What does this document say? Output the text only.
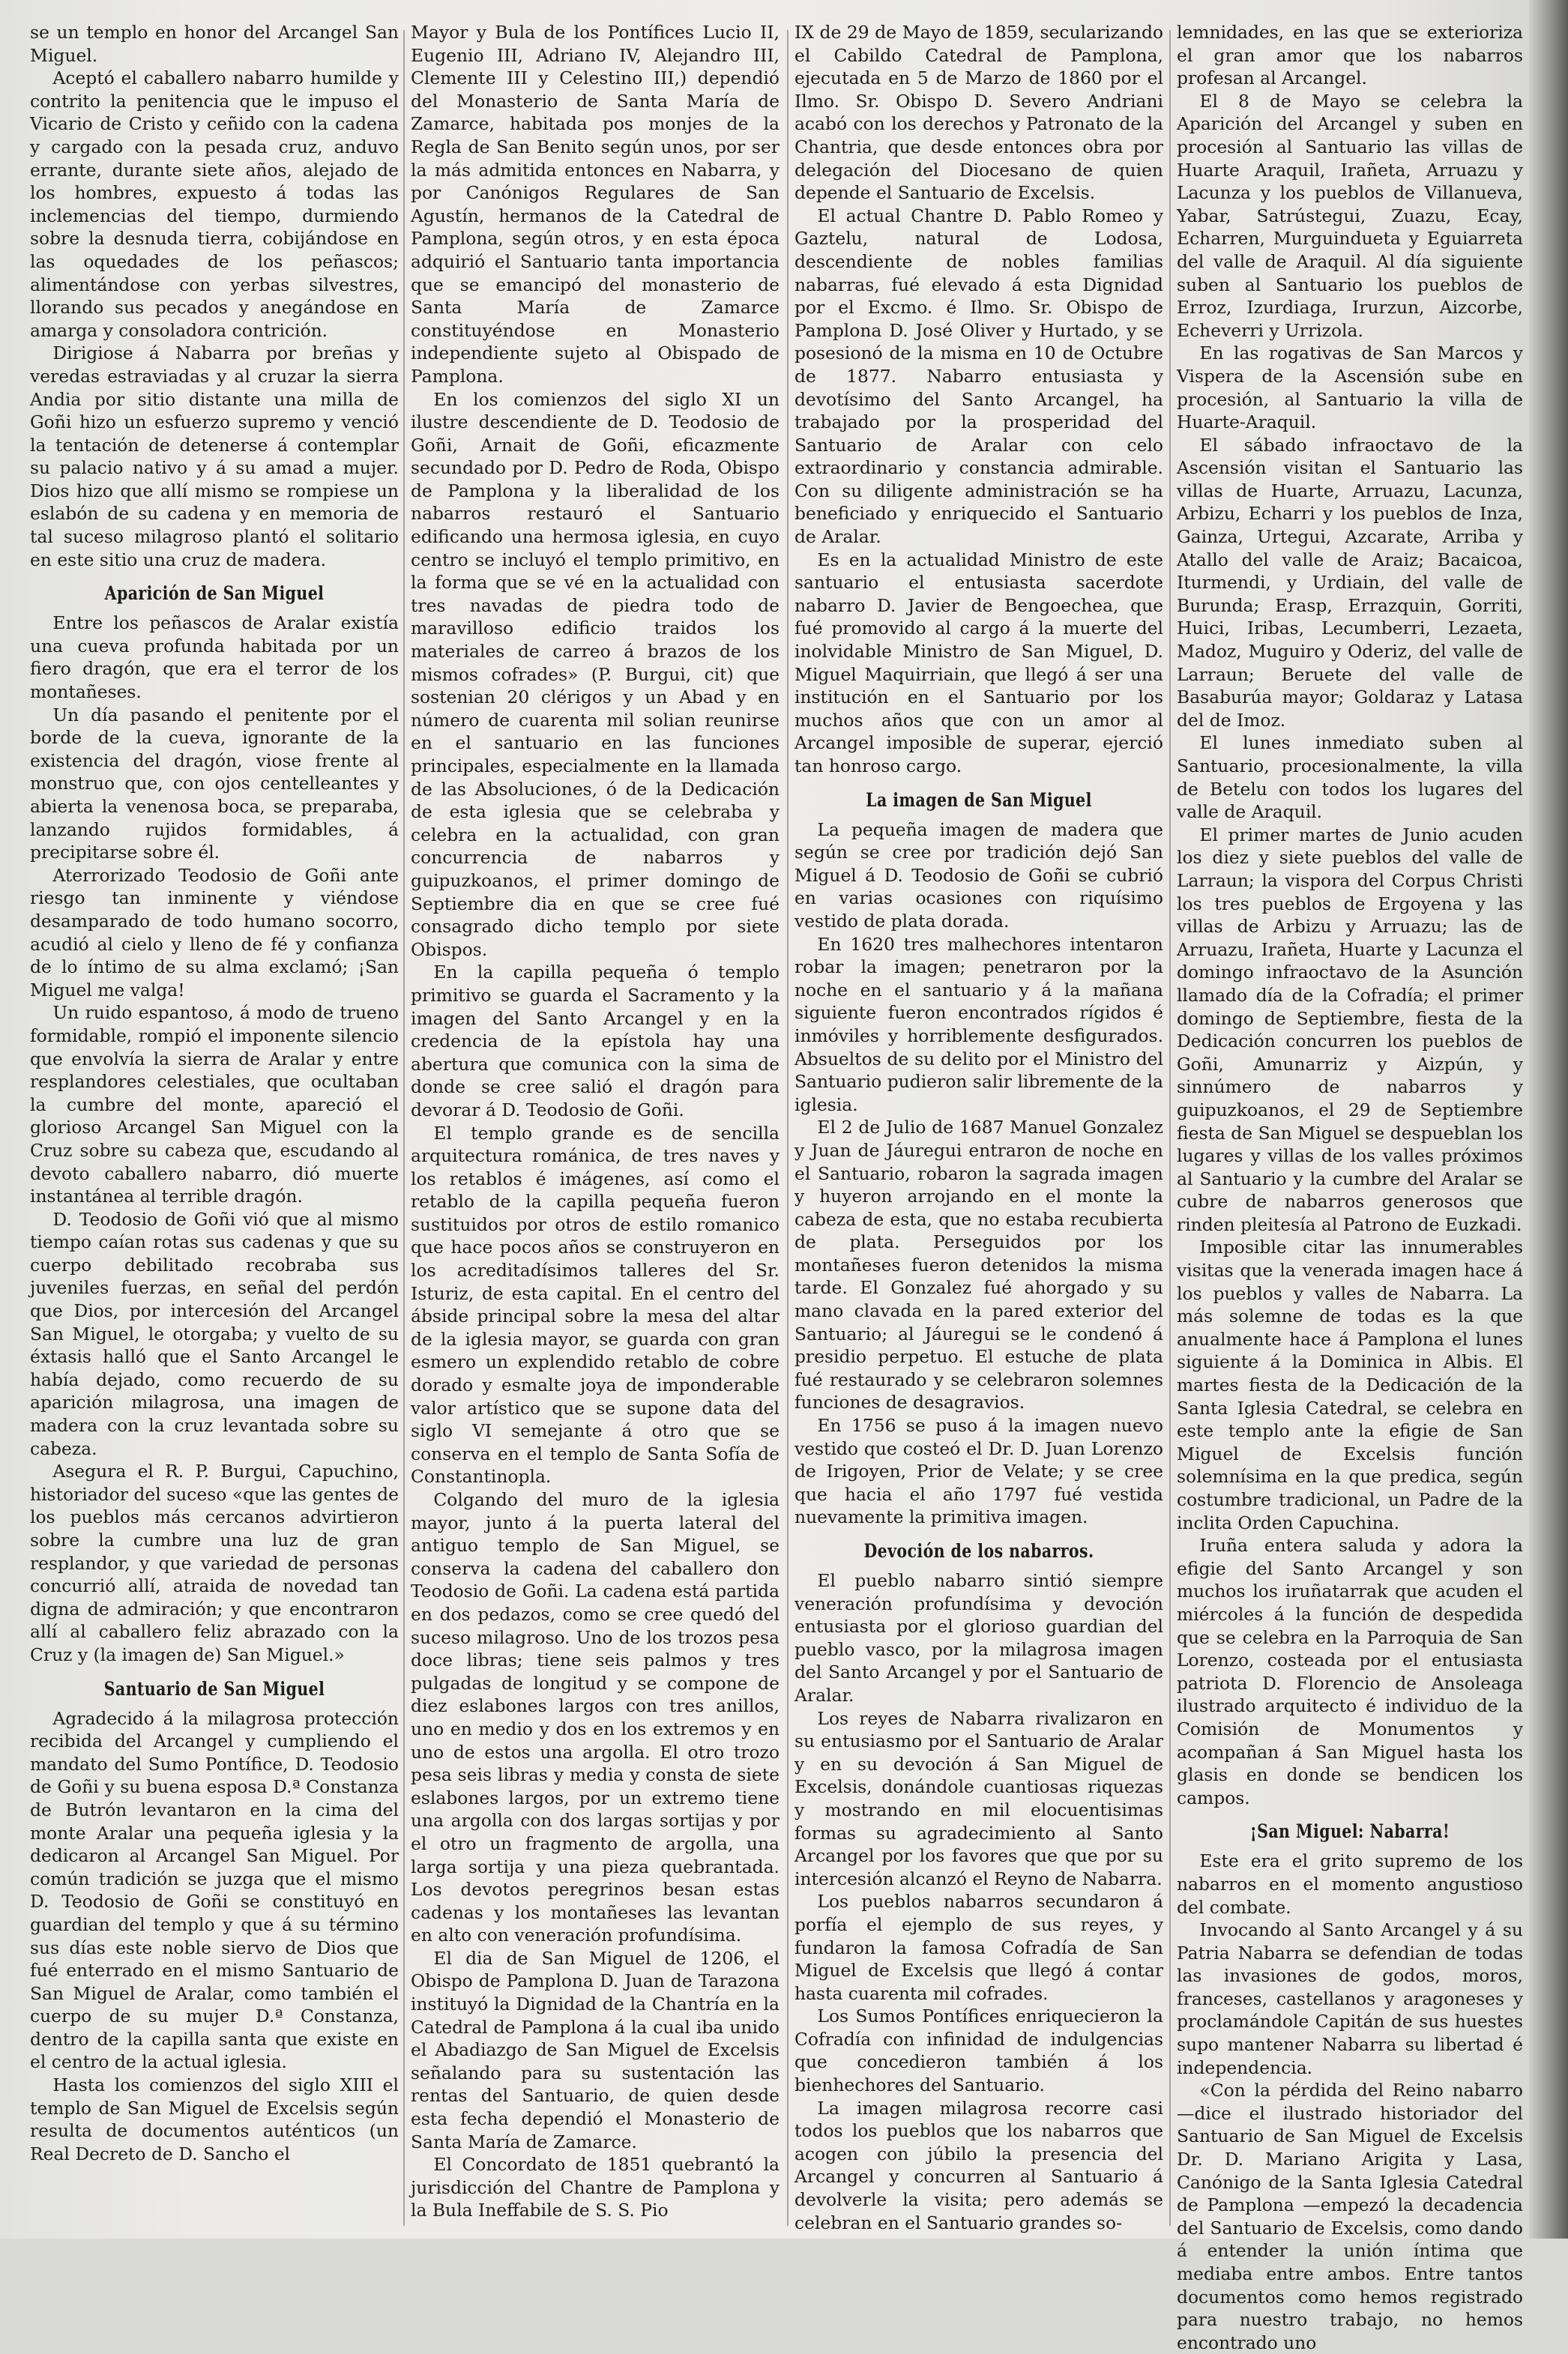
se un templo en honor del Arcangel San Miguel.

Aceptó el caballero nabarro humilde y contrito la penitencia que le impuso el Vicario de Cristo y ceñido con la cadena y cargado con la pesada cruz, anduvo errante, durante siete años, alejado de los hombres, expuesto á todas las inclemencias del tiempo, durmiendo sobre la desnuda tierra, cobijándose en las oquedades de los peñascos; alimentándose con yerbas silvestres, llorando sus pecados y anegándose en amarga y consoladora contrición.

Dirigiose á Nabarra por breñas y veredas estraviadas y al cruzar la sierra Andia por sitio distante una milla de Goñi hizo un esfuerzo supremo y venció la tentación de detenerse á contemplar su palacio nativo y á su amad a mujer. Dios hizo que allí mismo se rompiese un eslabón de su cadena y en memoria de tal suceso milagroso plantó el solitario en este sitio una cruz de madera.

Aparición de San Miguel

Entre los peñascos de Aralar existía una cueva profunda habitada por un fiero dragón, que era el terror de los montañeses.

Un día pasando el penitente por el borde de la cueva, ignorante de la existencia del dragón, viose frente al monstruo que, con ojos centelleantes y abierta la venenosa boca, se preparaba, lanzando rujidos formidables, á precipitarse sobre él.

Aterrorizado Teodosio de Goñi ante riesgo tan inminente y viéndose desamparado de todo humano socorro, acudió al cielo y lleno de fé y confianza de lo íntimo de su alma exclamó; ¡San Miguel me valga!

Un ruido espantoso, á modo de trueno formidable, rompió el imponente silencio que envolvía la sierra de Aralar y entre resplandores celestiales, que ocultaban la cumbre del monte, apareció el glorioso Arcangel San Miguel con la Cruz sobre su cabeza que, escudando al devoto caballero nabarro, dió muerte instantánea al terrible dragón.

D. Teodosio de Goñi vió que al mismo tiempo caían rotas sus cadenas y que su cuerpo debilitado recobraba sus juveniles fuerzas, en señal del perdón que Dios, por intercesión del Arcangel San Miguel, le otorgaba; y vuelto de su éxtasis halló que el Santo Arcangel le había dejado, como recuerdo de su aparición milagrosa, una imagen de madera con la cruz levantada sobre su cabeza.

Asegura el R. P. Burgui, Capuchino, historiador del suceso «que las gentes de los pueblos más cercanos advirtieron sobre la cumbre una luz de gran resplandor, y que variedad de personas concurrió allí, atraida de novedad tan digna de admiración; y que encontraron allí al caballero feliz abrazado con la Cruz y (la imagen de) San Miguel.»

Santuario de San Miguel

Agradecido á la milagrosa protección recibida del Arcangel y cumpliendo el mandato del Sumo Pontífice, D. Teodosio de Goñi y su buena esposa D.ª Constanza de Butrón levantaron en la cima del monte Aralar una pequeña iglesia y la dedicaron al Arcangel San Miguel. Por común tradición se juzga que el mismo D. Teodosio de Goñi se constituyó en guardian del templo y que á su término sus días este noble siervo de Dios que fué enterrado en el mismo Santuario de San Miguel de Aralar, como también el cuerpo de su mujer D.ª Constanza, dentro de la capilla santa que existe en el centro de la actual iglesia.

Hasta los comienzos del siglo XIII el templo de San Miguel de Excelsis según resulta de documentos auténticos (un Real Decreto de D. Sancho el

Mayor y Bula de los Pontífices Lucio II, Eugenio III, Adriano IV, Alejandro III, Clemente III y Celestino III,) dependió del Monasterio de Santa María de Zamarce, habitada pos monjes de la Regla de San Benito según unos, por ser la más admitida entonces en Nabarra, y por Canónigos Regulares de San Agustín, hermanos de la Catedral de Pamplona, según otros, y en esta época adquirió el Santuario tanta importancia que se emancipó del monasterio de Santa María de Zamarce constituyéndose en Monasterio independiente sujeto al Obispado de Pamplona.

En los comienzos del siglo XI un ilustre descendiente de D. Teodosio de Goñi, Arnait de Goñi, eficazmente secundado por D. Pedro de Roda, Obispo de Pamplona y la liberalidad de los nabarros restauró el Santuario edificando una hermosa iglesia, en cuyo centro se incluyó el templo primitivo, en la forma que se vé en la actualidad con tres navadas de piedra todo de maravilloso edificio traidos los materiales de carreo á brazos de los mismos cofrades» (P. Burgui, cit) que sostenian 20 clérigos y un Abad y en número de cuarenta mil solian reunirse en el santuario en las funciones principales, especialmente en la llamada de las Absoluciones, ó de la Dedicación de esta iglesia que se celebraba y celebra en la actualidad, con gran concurrencia de nabarros y guipuzkoanos, el primer domingo de Septiembre dia en que se cree fué consagrado dicho templo por siete Obispos.

En la capilla pequeña ó templo primitivo se guarda el Sacramento y la imagen del Santo Arcangel y en la credencia de la epístola hay una abertura que comunica con la sima de donde se cree salió el dragón para devorar á D. Teodosio de Goñi.

El templo grande es de sencilla arquitectura románica, de tres naves y los retablos é imágenes, así como el retablo de la capilla pequeña fueron sustituidos por otros de estilo romanico que hace pocos años se construyeron en los acreditadísimos talleres del Sr. Isturiz, de esta capital. En el centro del ábside principal sobre la mesa del altar de la iglesia mayor, se guarda con gran esmero un explendido retablo de cobre dorado y esmalte joya de imponderable valor artístico que se supone data del siglo VI semejante á otro que se conserva en el templo de Santa Sofía de Constantinopla.

Colgando del muro de la iglesia mayor, junto á la puerta lateral del antiguo templo de San Miguel, se conserva la cadena del caballero don Teodosio de Goñi. La cadena está partida en dos pedazos, como se cree quedó del suceso milagroso. Uno de los trozos pesa doce libras; tiene seis palmos y tres pulgadas de longitud y se compone de diez eslabones largos con tres anillos, uno en medio y dos en los extremos y en uno de estos una argolla. El otro trozo pesa seis libras y media y consta de siete eslabones largos, por un extremo tiene una argolla con dos largas sortijas y por el otro un fragmento de argolla, una larga sortija y una pieza quebrantada. Los devotos peregrinos besan estas cadenas y los montañeses las levantan en alto con veneración profundísima.

El dia de San Miguel de 1206, el Obispo de Pamplona D. Juan de Tarazona instituyó la Dignidad de la Chantría en la Catedral de Pamplona á la cual iba unido el Abadiazgo de San Miguel de Excelsis señalando para su sustentación las rentas del Santuario, de quien desde esta fecha dependió el Monasterio de Santa María de Zamarce.

El Concordato de 1851 quebrantó la jurisdicción del Chantre de Pamplona y la Bula Ineffabile de S. S. Pio

IX de 29 de Mayo de 1859, secularizando el Cabildo Catedral de Pamplona, ejecutada en 5 de Marzo de 1860 por el Ilmo. Sr. Obispo D. Severo Andriani acabó con los derechos y Patronato de la Chantria, que desde entonces obra por delegación del Diocesano de quien depende el Santuario de Excelsis.

El actual Chantre D. Pablo Romeo y Gaztelu, natural de Lodosa, descendiente de nobles familias nabarras, fué elevado á esta Dignidad por el Excmo. é Ilmo. Sr. Obispo de Pamplona D. José Oliver y Hurtado, y se posesionó de la misma en 10 de Octubre de 1877. Nabarro entusiasta y devotísimo del Santo Arcangel, ha trabajado por la prosperidad del Santuario de Aralar con celo extraordinario y constancia admirable. Con su diligente administración se ha beneficiado y enriquecido el Santuario de Aralar.

Es en la actualidad Ministro de este santuario el entusiasta sacerdote nabarro D. Javier de Bengoechea, que fué promovido al cargo á la muerte del inolvidable Ministro de San Miguel, D. Miguel Maquirriain, que llegó á ser una institución en el Santuario por los muchos años que con un amor al Arcangel imposible de superar, ejerció tan honroso cargo.

La imagen de San Miguel

La pequeña imagen de madera que según se cree por tradición dejó San Miguel á D. Teodosio de Goñi se cubrió en varias ocasiones con riquísimo vestido de plata dorada.

En 1620 tres malhechores intentaron robar la imagen; penetraron por la noche en el santuario y á la mañana siguiente fueron encontrados rígidos é inmóviles y horriblemente desfigurados. Absueltos de su delito por el Ministro del Santuario pudieron salir libremente de la iglesia.

El 2 de Julio de 1687 Manuel Gonzalez y Juan de Jáuregui entraron de noche en el Santuario, robaron la sagrada imagen y huyeron arrojando en el monte la cabeza de esta, que no estaba recubierta de plata. Perseguidos por los montañeses fueron detenidos la misma tarde. El Gonzalez fué ahorgado y su mano clavada en la pared exterior del Santuario; al Jáuregui se le condenó á presidio perpetuo. El estuche de plata fué restaurado y se celebraron solemnes funciones de desagravios.

En 1756 se puso á la imagen nuevo vestido que costeó el Dr. D. Juan Lorenzo de Irigoyen, Prior de Velate; y se cree que hacia el año 1797 fué vestida nuevamente la primitiva imagen.

Devoción de los nabarros.

El pueblo nabarro sintió siempre veneración profundísima y devoción entusiasta por el glorioso guardian del pueblo vasco, por la milagrosa imagen del Santo Arcangel y por el Santuario de Aralar.

Los reyes de Nabarra rivalizaron en su entusiasmo por el Santuario de Aralar y en su devoción á San Miguel de Excelsis, donándole cuantiosas riquezas y mostrando en mil elocuentisimas formas su agradecimiento al Santo Arcangel por los favores que que por su intercesión alcanzó el Reyno de Nabarra.

Los pueblos nabarros secundaron á porfía el ejemplo de sus reyes, y fundaron la famosa Cofradía de San Miguel de Excelsis que llegó á contar hasta cuarenta mil cofrades.

Los Sumos Pontífices enriquecieron la Cofradía con infinidad de indulgencias que concedieron también á los bienhechores del Santuario.

La imagen milagrosa recorre casi todos los pueblos que los nabarros que acogen con júbilo la presencia del Arcangel y concurren al Santuario á devolverle la visita; pero además se celebran en el Santuario grandes so-

lemnidades, en las que se exterioriza el gran amor que los nabarros profesan al Arcangel.

El 8 de Mayo se celebra la Aparición del Arcangel y suben en procesión al Santuario las villas de Huarte Araquil, Irañeta, Arruazu y Lacunza y los pueblos de Villanueva, Yabar, Satrústegui, Zuazu, Ecay, Echarren, Murguindueta y Eguiarreta del valle de Araquil. Al día siguiente suben al Santuario los pueblos de Erroz, Izurdiaga, Irurzun, Aizcorbe, Echeverri y Urrizola.

En las rogativas de San Marcos y Vispera de la Ascensión sube en procesión, al Santuario la villa de Huarte-Araquil.

El sábado infraoctavo de la Ascensión visitan el Santuario las villas de Huarte, Arruazu, Lacunza, Arbizu, Echarri y los pueblos de Inza, Gainza, Urtegui, Azcarate, Arriba y Atallo del valle de Araiz; Bacaicoa, Iturmendi, y Urdiain, del valle de Burunda; Erasp, Errazquin, Gorriti, Huici, Iribas, Lecumberri, Lezaeta, Madoz, Muguiro y Oderiz, del valle de Larraun; Beruete del valle de Basaburúa mayor; Goldaraz y Latasa del de Imoz.

El lunes inmediato suben al Santuario, procesionalmente, la villa de Betelu con todos los lugares del valle de Araquil.

El primer martes de Junio acuden los diez y siete pueblos del valle de Larraun; la vispora del Corpus Christi los tres pueblos de Ergoyena y las villas de Arbizu y Arruazu; las de Arruazu, Irañeta, Huarte y Lacunza el domingo infraoctavo de la Asunción llamado día de la Cofradía; el primer domingo de Septiembre, fiesta de la Dedicación concurren los pueblos de Goñi, Amunarriz y Aizpún, y sinnúmero de nabarros y guipuzkoanos, el 29 de Septiembre fiesta de San Miguel se despueblan los lugares y villas de los valles próximos al Santuario y la cumbre del Aralar se cubre de nabarros generosos que rinden pleitesía al Patrono de Euzkadi.

Imposible citar las innumerables visitas que la venerada imagen hace á los pueblos y valles de Nabarra. La más solemne de todas es la que anualmente hace á Pamplona el lunes siguiente á la Dominica in Albis. El martes fiesta de la Dedicación de la Santa Iglesia Catedral, se celebra en este templo ante la efigie de San Miguel de Excelsis función solemnísima en la que predica, según costumbre tradicional, un Padre de la inclita Orden Capuchina.

Iruña entera saluda y adora la efigie del Santo Arcangel y son muchos los iruñatarrak que acuden el miércoles á la función de despedida que se celebra en la Parroquia de San Lorenzo, costeada por el entusiasta patriota D. Florencio de Ansoleaga ilustrado arquitecto é individuo de la Comisión de Monumentos y acompañan á San Miguel hasta los glasis en donde se bendicen los campos.

¡San Miguel: Nabarra!

Este era el grito supremo de los nabarros en el momento angustioso del combate.

Invocando al Santo Arcangel y á su Patria Nabarra se defendian de todas las invasiones de godos, moros, franceses, castellanos y aragoneses y proclamándole Capitán de sus huestes supo mantener Nabarra su libertad é independencia.

«Con la pérdida del Reino nabarro —dice el ilustrado historiador del Santuario de San Miguel de Excelsis Dr. D. Mariano Arigita y Lasa, Canónigo de la Santa Iglesia Catedral de Pamplona —empezó la decadencia del Santuario de Excelsis, como dando á entender la unión íntima que mediaba entre ambos. Entre tantos documentos como hemos registrado para nuestro trabajo, no hemos encontrado uno
